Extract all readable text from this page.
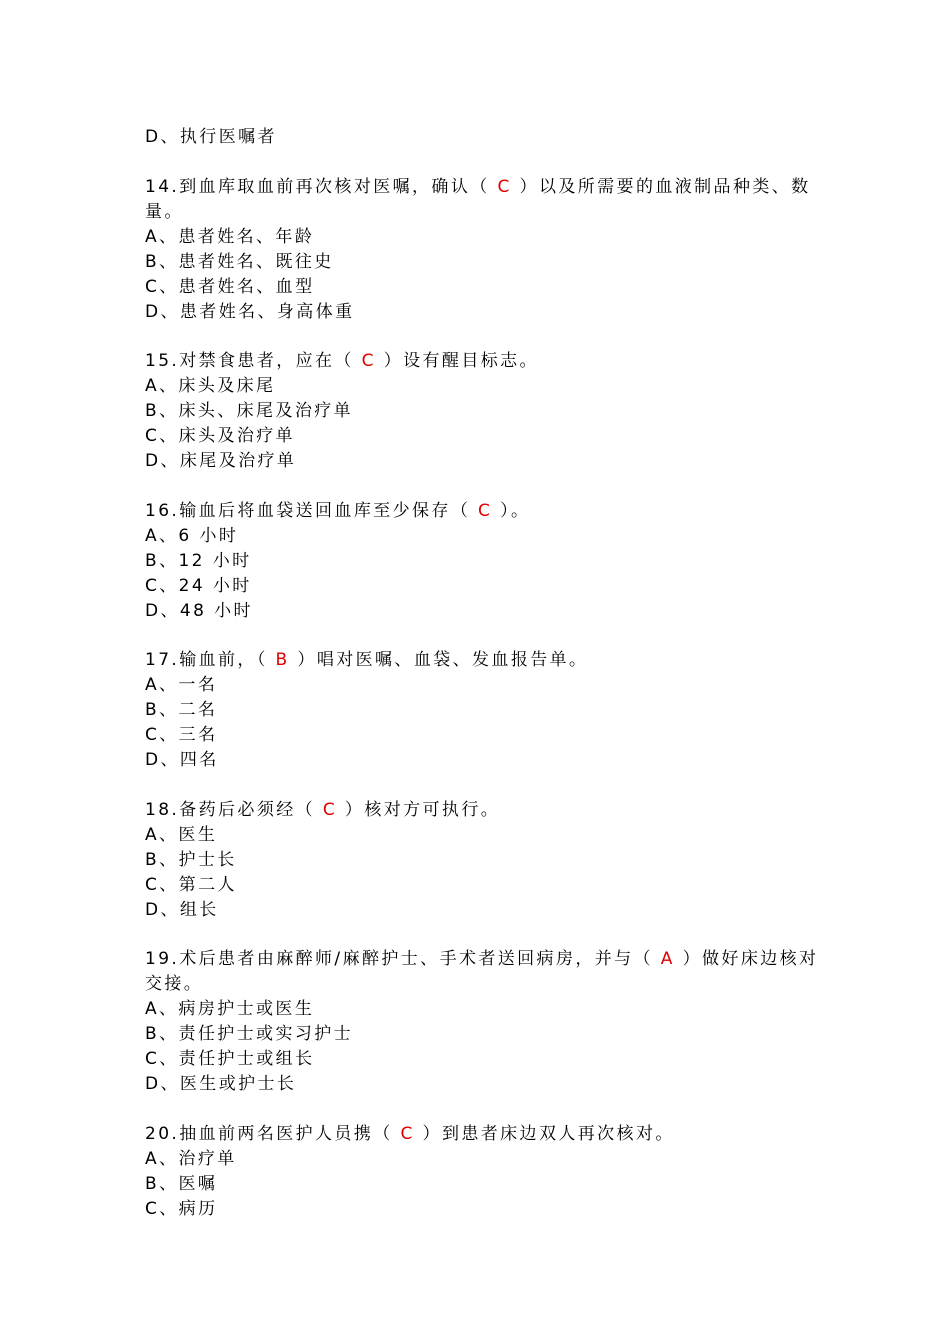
D、执行医嘱者
14.到血库取血前再次核对医嘱，确认（ C ）以及所需要的血液制品种类、数量。
A、患者姓名、年龄
B、患者姓名、既往史
C、患者姓名、血型
D、患者姓名、身高体重
15.对禁食患者，应在（ C ）设有醒目标志。
A、床头及床尾
B、床头、床尾及治疗单
C、床头及治疗单
D、床尾及治疗单
16.输血后将血袋送回血库至少保存（ C ）。
A、6 小时
B、12 小时
C、24 小时
D、48 小时
17.输血前，（ B ）唱对医嘱、血袋、发血报告单。
A、一名
B、二名
C、三名
D、四名
18.备药后必须经（ C ）核对方可执行。
A、医生
B、护士长
C、第二人
D、组长
19.术后患者由麻醉师/麻醉护士、手术者送回病房，并与（ A ）做好床边核对交接。
A、病房护士或医生
B、责任护士或实习护士
C、责任护士或组长
D、医生或护士长
20.抽血前两名医护人员携（ C ）到患者床边双人再次核对。
A、治疗单
B、医嘱
C、病历
